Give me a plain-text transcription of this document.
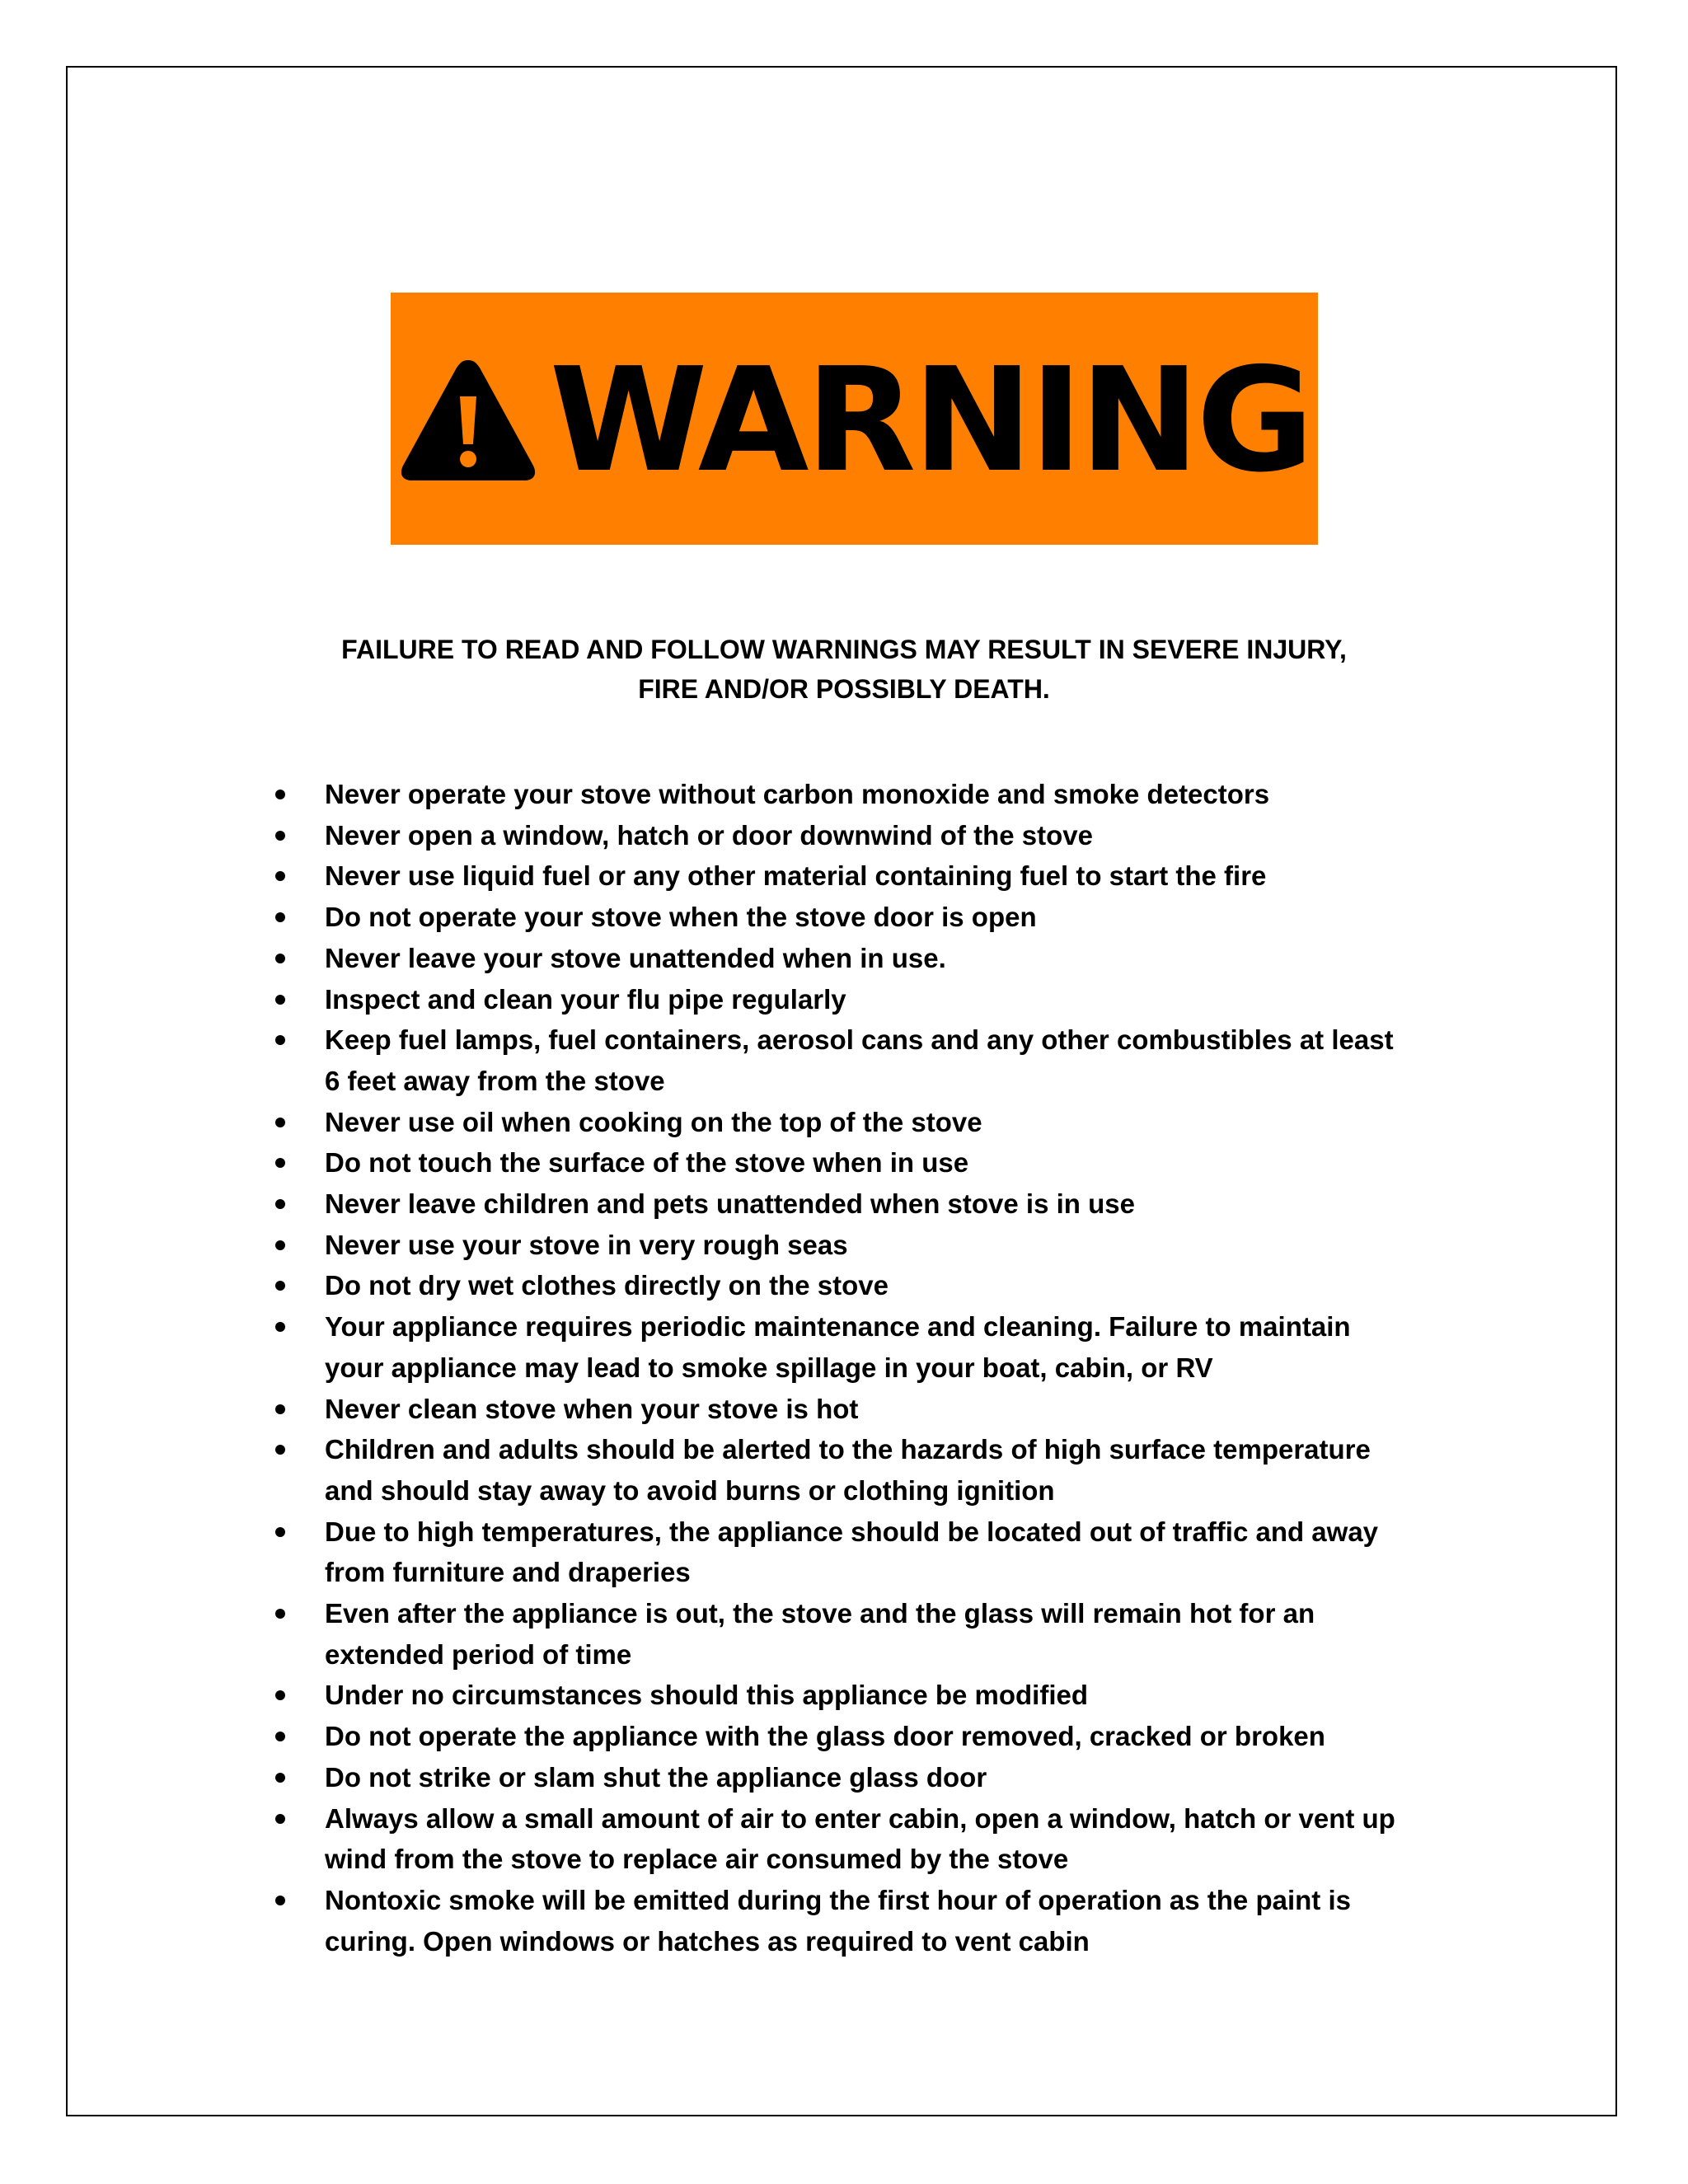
WARNING
FAILURE TO READ AND FOLLOW WARNINGS MAY RESULT IN SEVERE INJURY,
FIRE AND/OR POSSIBLY DEATH.
Never operate your stove without carbon monoxide and smoke detectors
Never open a window, hatch or door downwind of the stove
Never use liquid fuel or any other material containing fuel to start the fire
Do not operate your stove when the stove door is open
Never leave your stove unattended when in use.
Inspect and clean your flu pipe regularly
Keep fuel lamps, fuel containers, aerosol cans and any other combustibles at least 6 feet away from the stove
Never use oil when cooking on the top of the stove
Do not touch the surface of the stove when in use
Never leave children and pets unattended when stove is in use
Never use your stove in very rough seas
Do not dry wet clothes directly on the stove
Your appliance requires periodic maintenance and cleaning. Failure to maintain your appliance may lead to smoke spillage in your boat, cabin, or RV
Never clean stove when your stove is hot
Children and adults should be alerted to the hazards of high surface temperature and should stay away to avoid burns or clothing ignition
Due to high temperatures, the appliance should be located out of traffic and away from furniture and draperies
Even after the appliance is out, the stove and the glass will remain hot for an extended period of time
Under no circumstances should this appliance be modified
Do not operate the appliance with the glass door removed, cracked or broken
Do not strike or slam shut the appliance glass door
Always allow a small amount of air to enter cabin, open a window, hatch or vent up wind from the stove to replace air consumed by the stove
Nontoxic smoke will be emitted during the first hour of operation as the paint is curing. Open windows or hatches as required to vent cabin
